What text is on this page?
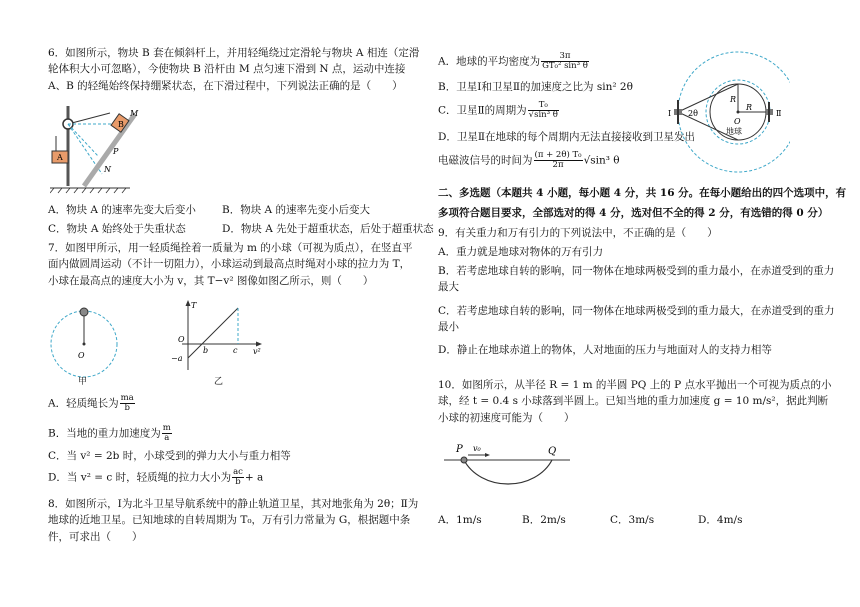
6．如图所示，物块 B 套在倾斜杆上，并用轻绳绕过定滑轮与物块 A 相连（定滑轮体积大小可忽略），今使物块 B 沿杆由 M 点匀速下滑到 N 点，运动中连接 A、B 的轻绳始终保持绷紧状态，在下滑过程中，下列说法正确的是（　　）
A
B
M
P
N
A．物块 A 的速率先变大后变小 B．物块 A 的速率先变小后变大
C．物块 A 始终处于失重状态	D．物块 A 先处于超重状态，后处于超重状态
7．如图甲所示，用一轻质绳拴着一质量为 m 的小球（可视为质点），在竖直平面内做圆周运动（不计一切阻力），小球运动到最高点时绳对小球的拉力为 T，小球在最高点的速度大小为 v，其 T−v² 图像如图乙所示，则（　　）
O
甲
T
O
−a
b	c v²
乙
A．轻质绳长为 $\frac{ma}{b}$
B．当地的重力加速度为 $\frac{m}{a}$
C．当 v² = 2b 时，小球受到的弹力大小与重力相等
D．当 v² = c 时，轻质绳的拉力大小为 $\frac{ac}{b} + a$
8．如图所示，Ⅰ为北斗卫星导航系统中的静止轨道卫星，其对地张角为 2θ；Ⅱ为地球的近地卫星。已知地球的自转周期为 T₀，万有引力常量为 G，根据题中条件，可求出（　　）
A．地球的平均密度为 $\frac{3\pi}{\text{GT₀² sin³ θ}}$
B．卫星Ⅰ和卫星Ⅱ的加速度之比为 sin² 2θ
C．卫星Ⅱ的周期为 $\frac{\text{T₀}}{\text{√sin³ θ}}$
D．卫星Ⅱ在地球的每个周期内无法直接接收到卫星发出
电磁波信号的时间为 $\frac{\text{(π + 2θ) T₀}}{2\pi} √\sin^3$ θ
2θ
R
R
O
地球
Ⅰ	Ⅱ
二、多选题（本题共 4 小题，每小题 4 分，共 16 分。在每小题给出的四个选项中，有
多项符合题目要求，全部选对的得 4 分，选对但不全的得 2 分，有选错的得 0 分）
9．有关重力和万有引力的下列说法中，不正确的是（　　）
A．重力就是地球对物体的万有引力
B．若考虑地球自转的影响，同一物体在地球两极受到的重力最小，在赤道受到的重力最大
C．若考虑地球自转的影响，同一物体在地球两极受到的重力最大，在赤道受到的重力最小
D．静止在地球赤道上的物体，人对地面的压力与地面对人的支持力相等
10．如图所示，从半径 R = 1 m 的半圆 PQ 上的 P 点水平抛出一个可视为质点的小球，经 t = 0.4 s 小球落到半圆上。已知当地的重力加速度 g = 10 m/s²，据此判断小球的初速度可能为（　　）
P v₀	Q
A．1m/s	B．2m/s	C．3m/s	D．4m/s
